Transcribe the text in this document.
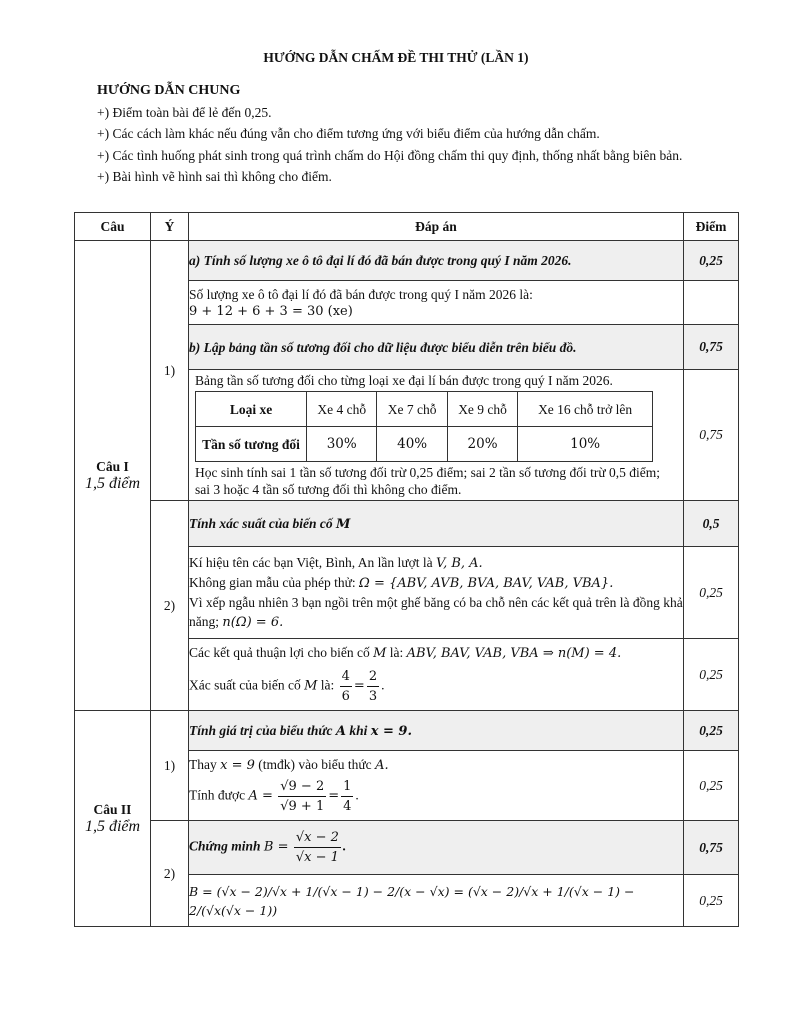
HƯỚNG DẪN CHẤM ĐỀ THI THỬ (LẦN 1)
HƯỚNG DẪN CHUNG

+) Điểm toàn bài để lẻ đến 0,25.

+) Các cách làm khác nếu đúng vẫn cho điểm tương ứng với biểu điểm của hướng dẫn chấm.

+) Các tình huống phát sinh trong quá trình chấm do Hội đồng chấm thi quy định, thống nhất bằng biên bản.

+) Bài hình vẽ hình sai thì không cho điểm.

Câu	Ý	Đáp án	Điểm

Câu I
1,5 điểm
	1)	a) Tính số lượng xe ô tô đại lí đó đã bán được trong quý I năm 2026.	0,25

Số lượng xe ô tô đại lí đó đã bán được trong quý I năm 2026 là:
9 + 12 + 6 + 3 = 30 (xe)

b) Lập bảng tần số tương đối cho dữ liệu được biểu diễn trên biểu đồ.	0,75

Bảng tần số tương đối cho từng loại xe đại lí bán được trong quý I năm 2026.
Loại xe	Xe 4 chỗ	Xe 7 chỗ	Xe 9 chỗ	Xe 16 chỗ trở lên
Tần số tương đối	30%	40%	20%	10%
Học sinh tính sai 1 tần số tương đối trừ 0,25 điểm; sai 2 tần số tương đối trừ 0,5 điểm; sai 3 hoặc 4 tần số tương đối thì không cho điểm.
	0,75
2)	Tính xác suất của biến cố M	0,5

Kí hiệu tên các bạn Việt, Bình, An lần lượt là V, B, A.
Không gian mẫu của phép thử: Ω = {ABV, AVB, BVA, BAV, VAB, VBA}.
Vì xếp ngẫu nhiên 3 bạn ngồi trên một ghế băng có ba chỗ nên các kết quả trên là đồng khả năng; n(Ω) = 6.
	0,25

Các kết quả thuận lợi cho biến cố M là: ABV, BAV, VAB, VBA ⇒ n(M) = 4.
Xác suất của biến cố M là: $\frac{4}{6} = \frac{2}{3}$ .
	0,25

Câu II
1,5 điểm
	1)	Tính giá trị của biểu thức A khi x = 9.	0,25

Thay x = 9 (tmđk) vào biểu thức A.
Tính được $A = \frac{√9 - 2}{√9 + 1} = \frac{1}{4}$ .
	0,25
2)	Chứng minh $B = \frac{√x - 2}{√x - 1}$ .	0,75
B = (√x − 2)/√x + 1/(√x − 1) − 2/(x − √x) = (√x − 2)/√x + 1/(√x − 1) − 2/(√x(√x − 1))	0,25
